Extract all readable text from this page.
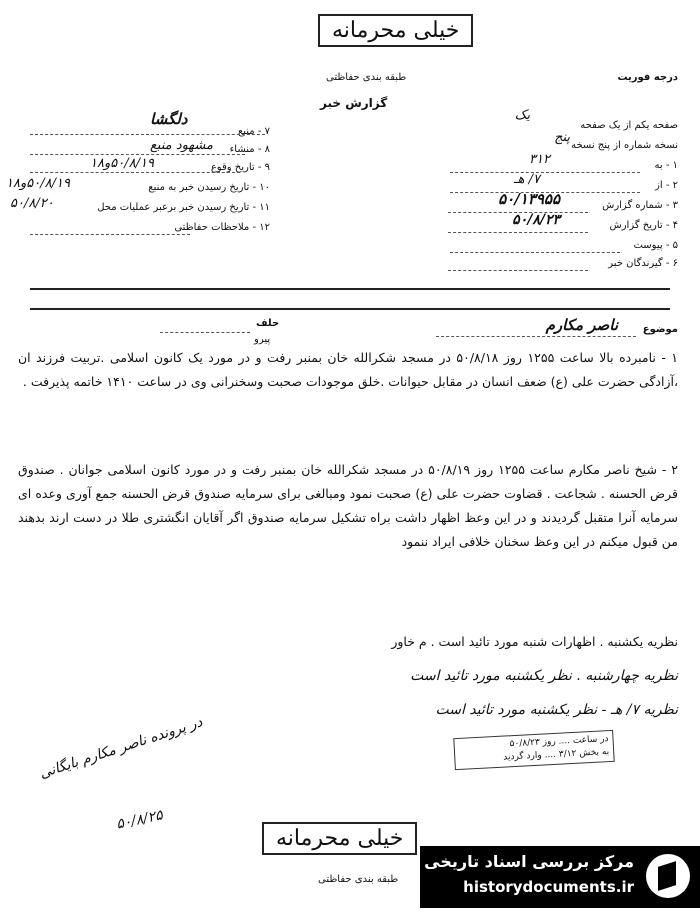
خیلی محرمانه
طبقه بندی حفاظتی	درجه فوریت
گزارش خبر
صفحه یکم از یک صفحه
یک
نسخه شماره از پنج نسخه
پنج
۱ - به
۳۱۲
۲ - از
۷/ هـ
۳ - شماره گزارش
۵۰/۱۳۹۵۵
۴ - تاریخ گزارش
۵۰/۸/۲۳
۵ - پیوست
۶ - گیرندگان خبر
۷ - منبع
دلگشا
۸ - منشاء
مشهود منبع
۹ - تاریخ وقوع
۵۰/۸/۱۹و۱۸
۱۰ - تاریخ رسیدن خبر به منبع
۵۰/۸/۱۹و۱۸
۱۱ - تاریخ رسیدن خبر برعبر عملیات محل
۵۰/۸/۲۰
۱۲ - ملاحظات حفاظتی
موضوع
ناصر مکارم
حلف
پیرو
۱ - نامبرده بالا ساعت ۱۲۵۵ روز ۵۰/۸/۱۸ در مسجد شکرالله خان بمنبر رفت و در مورد یک کانون اسلامی .تربیت فرزند ان ،آزادگی حضرت علی (ع) ضعف انسان در مقابل حیوانات .خلق موجودات صحبت وسخنرانی وی در ساعت ۱۴۱۰ خاتمه پذیرفت .
۲ - شیخ ناصر مکارم ساعت ۱۲۵۵ روز ۵۰/۸/۱۹ در مسجد شکرالله خان بمنبر رفت و در مورد کانون اسلامی جوانان . صندوق قرض الحسنه . شجاعت . قضاوت حضرت علی (ع) صحبت نمود ومبالغی برای سرمایه صندوق قرض الحسنه جمع آوری وعده ای سرمایه آنرا متقبل گردیدند و در این وعظ اظهار داشت براه تشکیل سرمایه صندوق اگر آقایان انگشتری طلا در دست ارند بدهند من قبول میکنم در این وعظ سخنان خلافی ایراد ننمود
نظریه یکشنبه . اظهارات شنبه مورد تائید است . م خاور
نظریه چهارشنبه . نظر یکشنبه مورد تائید است
نظریه ۷/ هـ - نظر یکشنبه مورد تائید است
در ساعت .... روز ۵۰/۸/۲۳
به بخش ۳/۱۲ .... وارد گردید
در پرونده ناصر مکارم بایگانی
۵۰/۸/۲۵
خیلی محرمانه
طبقه بندی حفاظتی
مرکز بررسی اسناد تاریخی
historydocuments.ir
